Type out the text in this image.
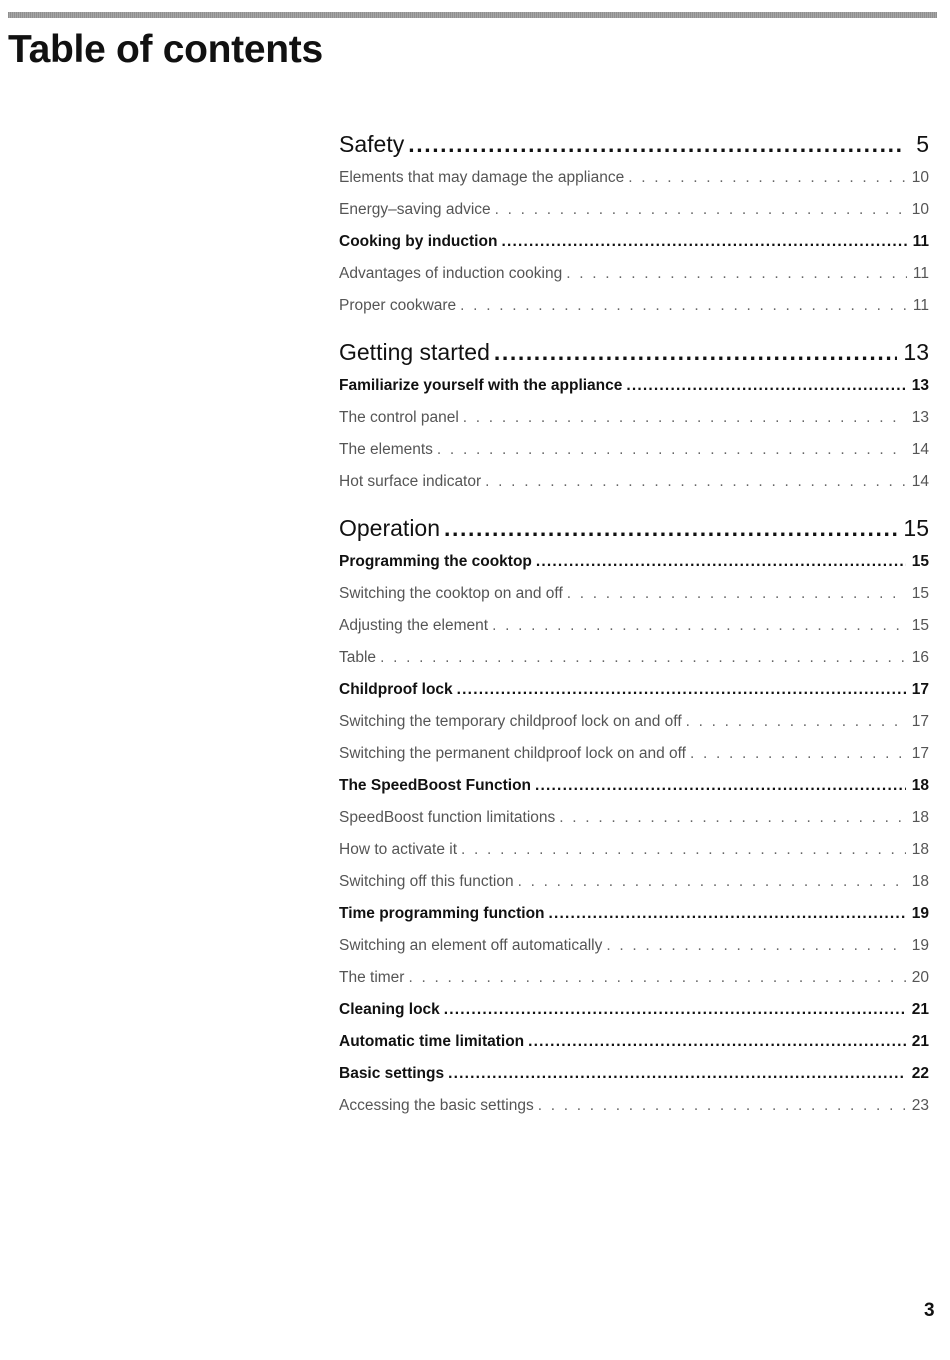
Table of contents
Safety .....	5
Elements that may damage the appliance . . .	10
Energy–saving advice . . .	10
Cooking by induction .....	11
Advantages of induction cooking . . .	11
Proper cookware . . .	11
Getting started .....	13
Familiarize yourself with the appliance .....	13
The control panel . . .	13
The elements . . .	14
Hot surface indicator . . .	14
Operation .....	15
Programming the cooktop .....	15
Switching the cooktop on and off . . .	15
Adjusting the element . . .	15
Table . . .	16
Childproof lock .....	17
Switching the temporary childproof lock on and off . . .	17
Switching the permanent childproof lock on and off . . .	17
The SpeedBoost Function .....	18
SpeedBoost function limitations . . .	18
How to activate it . . .	18
Switching off this function . . .	18
Time programming function .....	19
Switching an element off automatically . . .	19
The timer . . .	20
Cleaning lock .....	21
Automatic time limitation .....	21
Basic settings .....	22
Accessing the basic settings . . .	23
3
